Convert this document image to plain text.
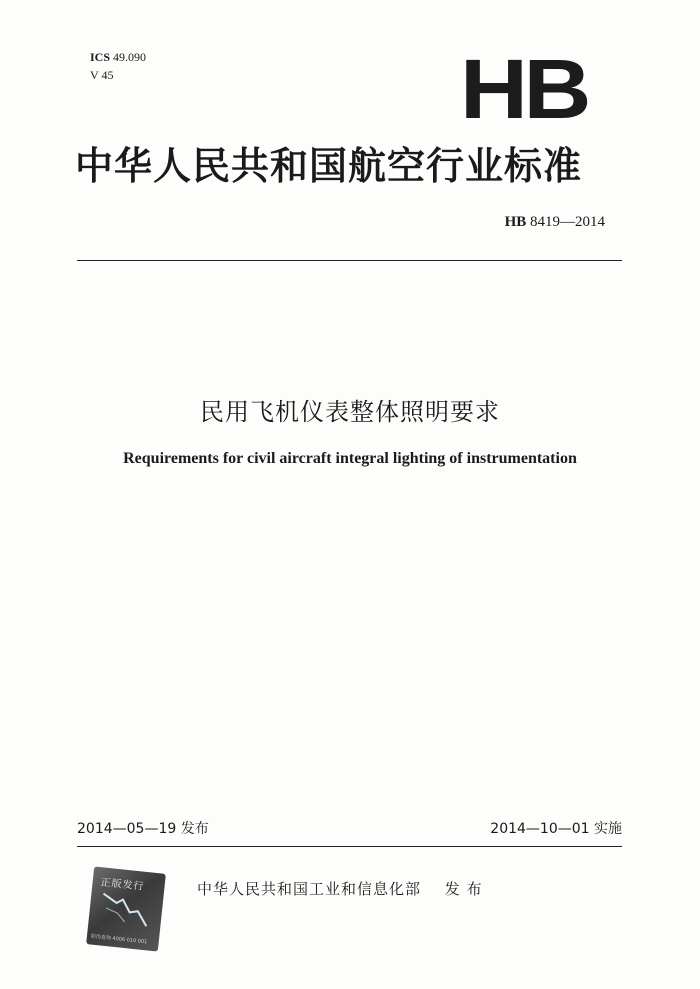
ICS 49.090
V 45	HB
中华人民共和国航空行业标准
HB 8419—2014
民用飞机仪表整体照明要求
Requirements for civil aircraft integral lighting of instrumentation
2014—05—19 发布	2014—10—01 实施
正版发行
防伪查询 4006 010 001
中华人民共和国工业和信息化部 发 布
